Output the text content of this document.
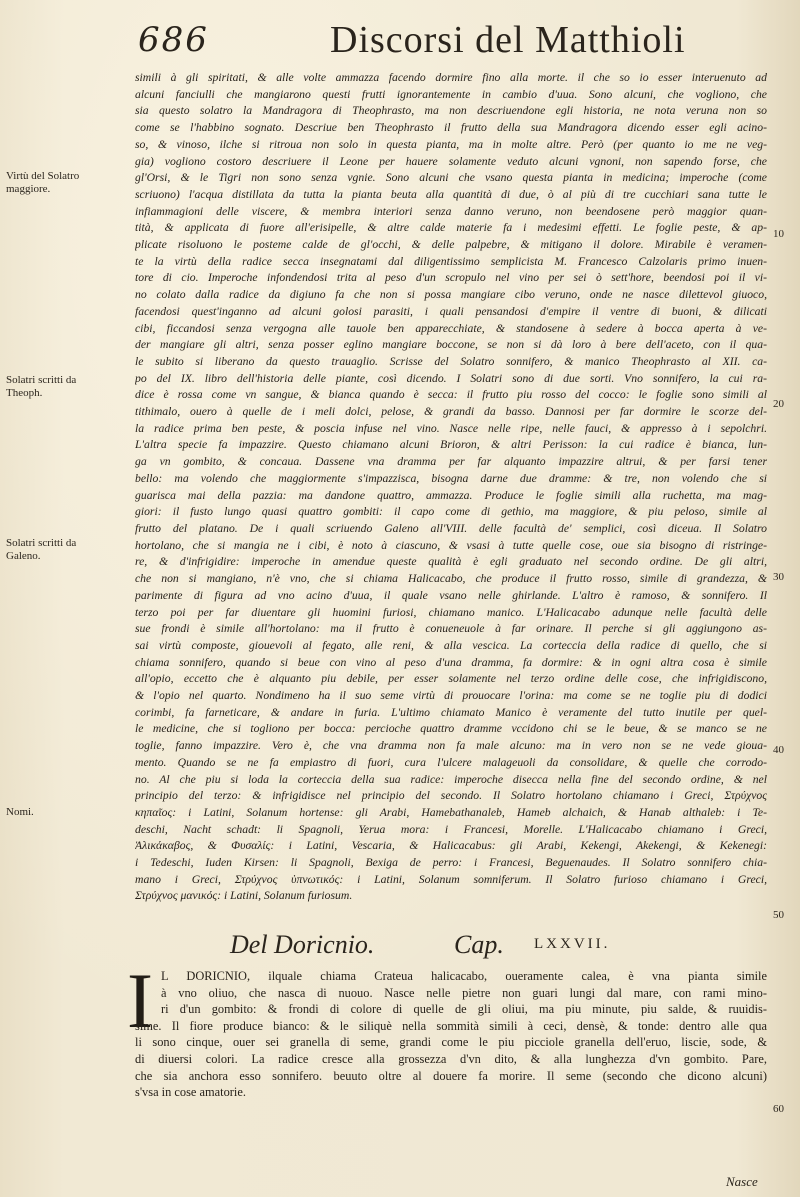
686	Discorsi del Matthioli
Virtù del Solatro maggiore.
Solatri scritti da Theoph.
Solatri scritti da Galeno.
Nomi.
10
20
30
40
50
60
simili à gli spiritati, & alle volte ammazza facendo dormire fino alla morte. il che so io esser interuenuto ad
alcuni fanciulli che mangiarono questi frutti ignorantemente in cambio d'uua. Sono alcuni, che vogliono, che
sia questo solatro la Mandragora di Theophrasto, ma non descriuendone egli historia, ne nota veruna non so
come se l'habbino sognato. Descriue ben Theophrasto il frutto della sua Mandragora dicendo esser egli acino-
so, & vinoso, ilche si ritroua non solo in questa pianta, ma in molte altre. Però (per quanto io me ne veg-
gia) vogliono costoro descriuere il Leone per hauere solamente veduto alcuni vgnoni, non sapendo forse, che
gl'Orsi, & le Tigri non sono senza vgnie. Sono alcuni che vsano questa pianta in medicina; imperoche (come
scriuono) l'acqua distillata da tutta la pianta beuta alla quantità di due, ò al più di tre cucchiari sana tutte le
infiammagioni delle viscere, & membra interiori senza danno veruno, non beendosene però maggior quan-
tità, & applicata di fuore all'erisipelle, & altre calde materie fa i medesimi effetti. Le foglie peste, & ap-
plicate risoluono le posteme calde de gl'occhi, & delle palpebre, & mitigano il dolore. Mirabile è veramen-
te la virtù della radice secca insegnatami dal diligentissimo semplicista M. Francesco Calzolaris primo inuen-
tore di cio. Imperoche infondendosi trita al peso d'un scropulo nel vino per sei ò sett'hore, beendosi poi il vi-
no colato dalla radice da digiuno fa che non si possa mangiare cibo veruno, onde ne nasce dilettevol giuoco,
facendosi quest'inganno ad alcuni golosi parasiti, i quali pensandosi d'empire il ventre di buoni, & dilicati
cibi, ficcandosi senza vergogna alle tauole ben apparecchiate, & standosene à sedere à bocca aperta à ve-
der mangiare gli altri, senza posser eglino mangiare boccone, se non si dà loro à bere dell'aceto, con il qua-
le subito si liberano da questo trauaglio. Scrisse del Solatro sonnifero, & manico Theophrasto al XII. ca-
po del IX. libro dell'historia delle piante, così dicendo. I Solatri sono di due sorti. Vno sonnifero, la cui ra-
dice è rossa come vn sangue, & bianca quando è secca: il frutto piu rosso del cocco: le foglie sono simili al
tithimalo, ouero à quelle de i meli dolci, pelose, & grandi da basso. Dannosi per far dormire le scorze del-
la radice prima ben peste, & poscia infuse nel vino. Nasce nelle ripe, nelle fauci, & appresso à i sepolchri.
L'altra specie fa impazzire. Questo chiamano alcuni Brioron, & altri Perisson: la cui radice è bianca, lun-
ga vn gombito, & concaua. Dassene vna dramma per far alquanto impazzire altrui, & per farsi tener
bello: ma volendo che maggiormente s'impazzisca, bisogna darne due dramme: & tre, non volendo che si
guarisca mai della pazzia: ma dandone quattro, ammazza. Produce le foglie simili alla ruchetta, ma mag-
giori: il fusto lungo quasi quattro gombiti: il capo come di gethio, ma maggiore, & piu peloso, simile al
frutto del platano. De i quali scriuendo Galeno all'VIII. delle facultà de' semplici, così diceua. Il Solatro
hortolano, che si mangia ne i cibi, è noto à ciascuno, & vsasi à tutte quelle cose, oue sia bisogno di ristringe-
re, & d'infrigidire: imperoche in amendue queste qualità è egli graduato nel secondo ordine. De gli altri,
che non si mangiano, n'è vno, che si chiama Halicacabo, che produce il frutto rosso, simile di grandezza, &
parimente di figura ad vno acino d'uua, il quale vsano nelle ghirlande. L'altro è ramoso, & sonnifero. Il
terzo poi per far diuentare gli huomini furiosi, chiamano manico. L'Halicacabo adunque nelle facultà delle
sue frondi è simile all'hortolano: ma il frutto è conueneuole à far orinare. Il perche si gli aggiungono as-
sai virtù composte, giouevoli al fegato, alle reni, & alla vescica. La corteccia della radice di quello, che si
chiama sonnifero, quando si beue con vino al peso d'una dramma, fa dormire: & in ogni altra cosa è simile
all'opio, eccetto che è alquanto piu debile, per esser solamente nel terzo ordine delle cose, che infrigidiscono,
& l'opio nel quarto. Nondimeno ha il suo seme virtù di prouocare l'orina: ma come se ne toglie piu di dodici
corimbi, fa farneticare, & andare in furia. L'ultimo chiamato Manico è veramente del tutto inutile per quel-
le medicine, che si togliono per bocca: percioche quattro dramme vccidono chi se le beue, & se manco se ne
toglie, fanno impazzire. Vero è, che vna dramma non fa male alcuno: ma in vero non se ne vede gioua-
mento. Quando se ne fa empiastro di fuori, cura l'ulcere malageuoli da consolidare, & quelle che corrodo-
no. Al che piu si loda la corteccia della sua radice: imperoche disecca nella fine del secondo ordine, & nel
principio del terzo: & infrigidisce nel principio del secondo. Il Solatro hortolano chiamano i Greci, Στρύχνος
κηπαῖος: i Latini, Solanum hortense: gli Arabi, Hamebathanaleb, Hameb alchaich, & Hanab althaleb: i Te-
deschi, Nacht schadt: li Spagnoli, Yerua mora: i Francesi, Morelle. L'Halicacabo chiamano i Greci,
Ἁλικάκαβος, & Φυσαλίς: i Latini, Vescaria, & Halicacabus: gli Arabi, Kekengi, Akekengi, & Kekenegi:
i Tedeschi, Iuden Kirsen: li Spagnoli, Bexiga de perro: i Francesi, Beguenaudes. Il Solatro sonnifero chia-
mano i Greci, Στρύχνος ὑπνωτικός: i Latini, Solanum somniferum. Il Solatro furioso chiamano i Greci,
Στρύχνος μανικός: i Latini, Solanum furiosum.
Del Doricnio.	Cap. LXXVII.
I L DORICNIO, ilquale chiama Crateua halicacabo, oueramente calea, è vna pianta simile
à vno oliuo, che nasca di nuouo. Nasce nelle pietre non guari lungi dal mare, con rami mino-
ri d'un gombito: & frondi di colore di quelle de gli oliui, ma piu minute, piu salde, & ruuidis-
sime. Il fiore produce bianco: & le siliquè nella sommità simili à ceci, densè, & tonde: dentro alle qua
li sono cinque, ouer sei granella di seme, grandi come le piu picciole granella dell'eruo, liscie, sode, &
di diuersi colori. La radice cresce alla grossezza d'vn dito, & alla lunghezza d'vn gombito. Pare,
che sia anchora esso sonnifero. beuuto oltre al douere fa morire. Il seme (secondo che dicono alcuni)
s'vsa in cose amatorie.
Nasce
